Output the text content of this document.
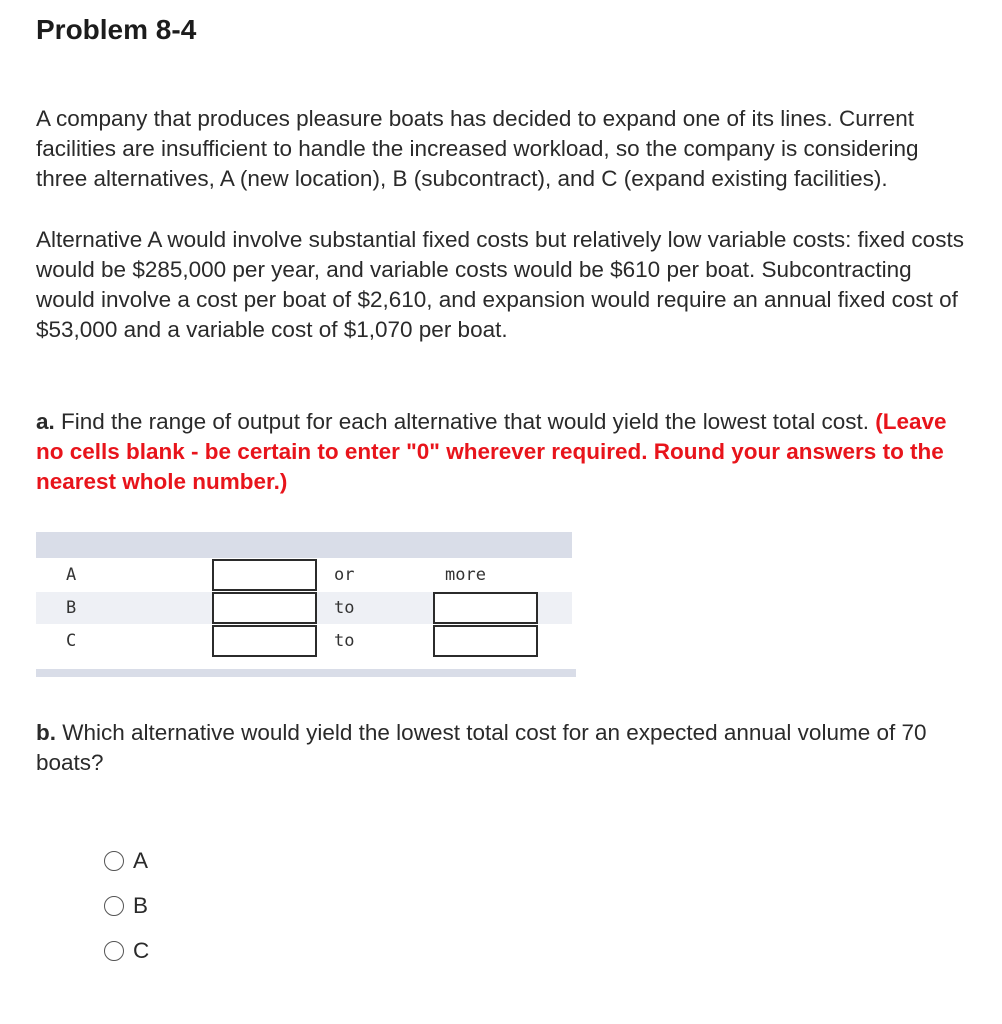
Problem 8-4

A company that produces pleasure boats has decided to expand one of its lines. Current facilities are insufficient to handle the increased workload, so the company is considering three alternatives, A (new location), B (subcontract), and C (expand existing facilities).

Alternative A would involve substantial fixed costs but relatively low variable costs: fixed costs would be $285,000 per year, and variable costs would be $610 per boat. Subcontracting would involve a cost per boat of $2,610, and expansion would require an annual fixed cost of $53,000 and a variable cost of $1,070 per boat.

a. Find the range of output for each alternative that would yield the lowest total cost. (Leave no cells blank - be certain to enter "0" wherever required. Round your answers to the nearest whole number.)

A	or	more
B	to
C	to

b. Which alternative would yield the lowest total cost for an expected annual volume of 70 boats?

A
B
C
